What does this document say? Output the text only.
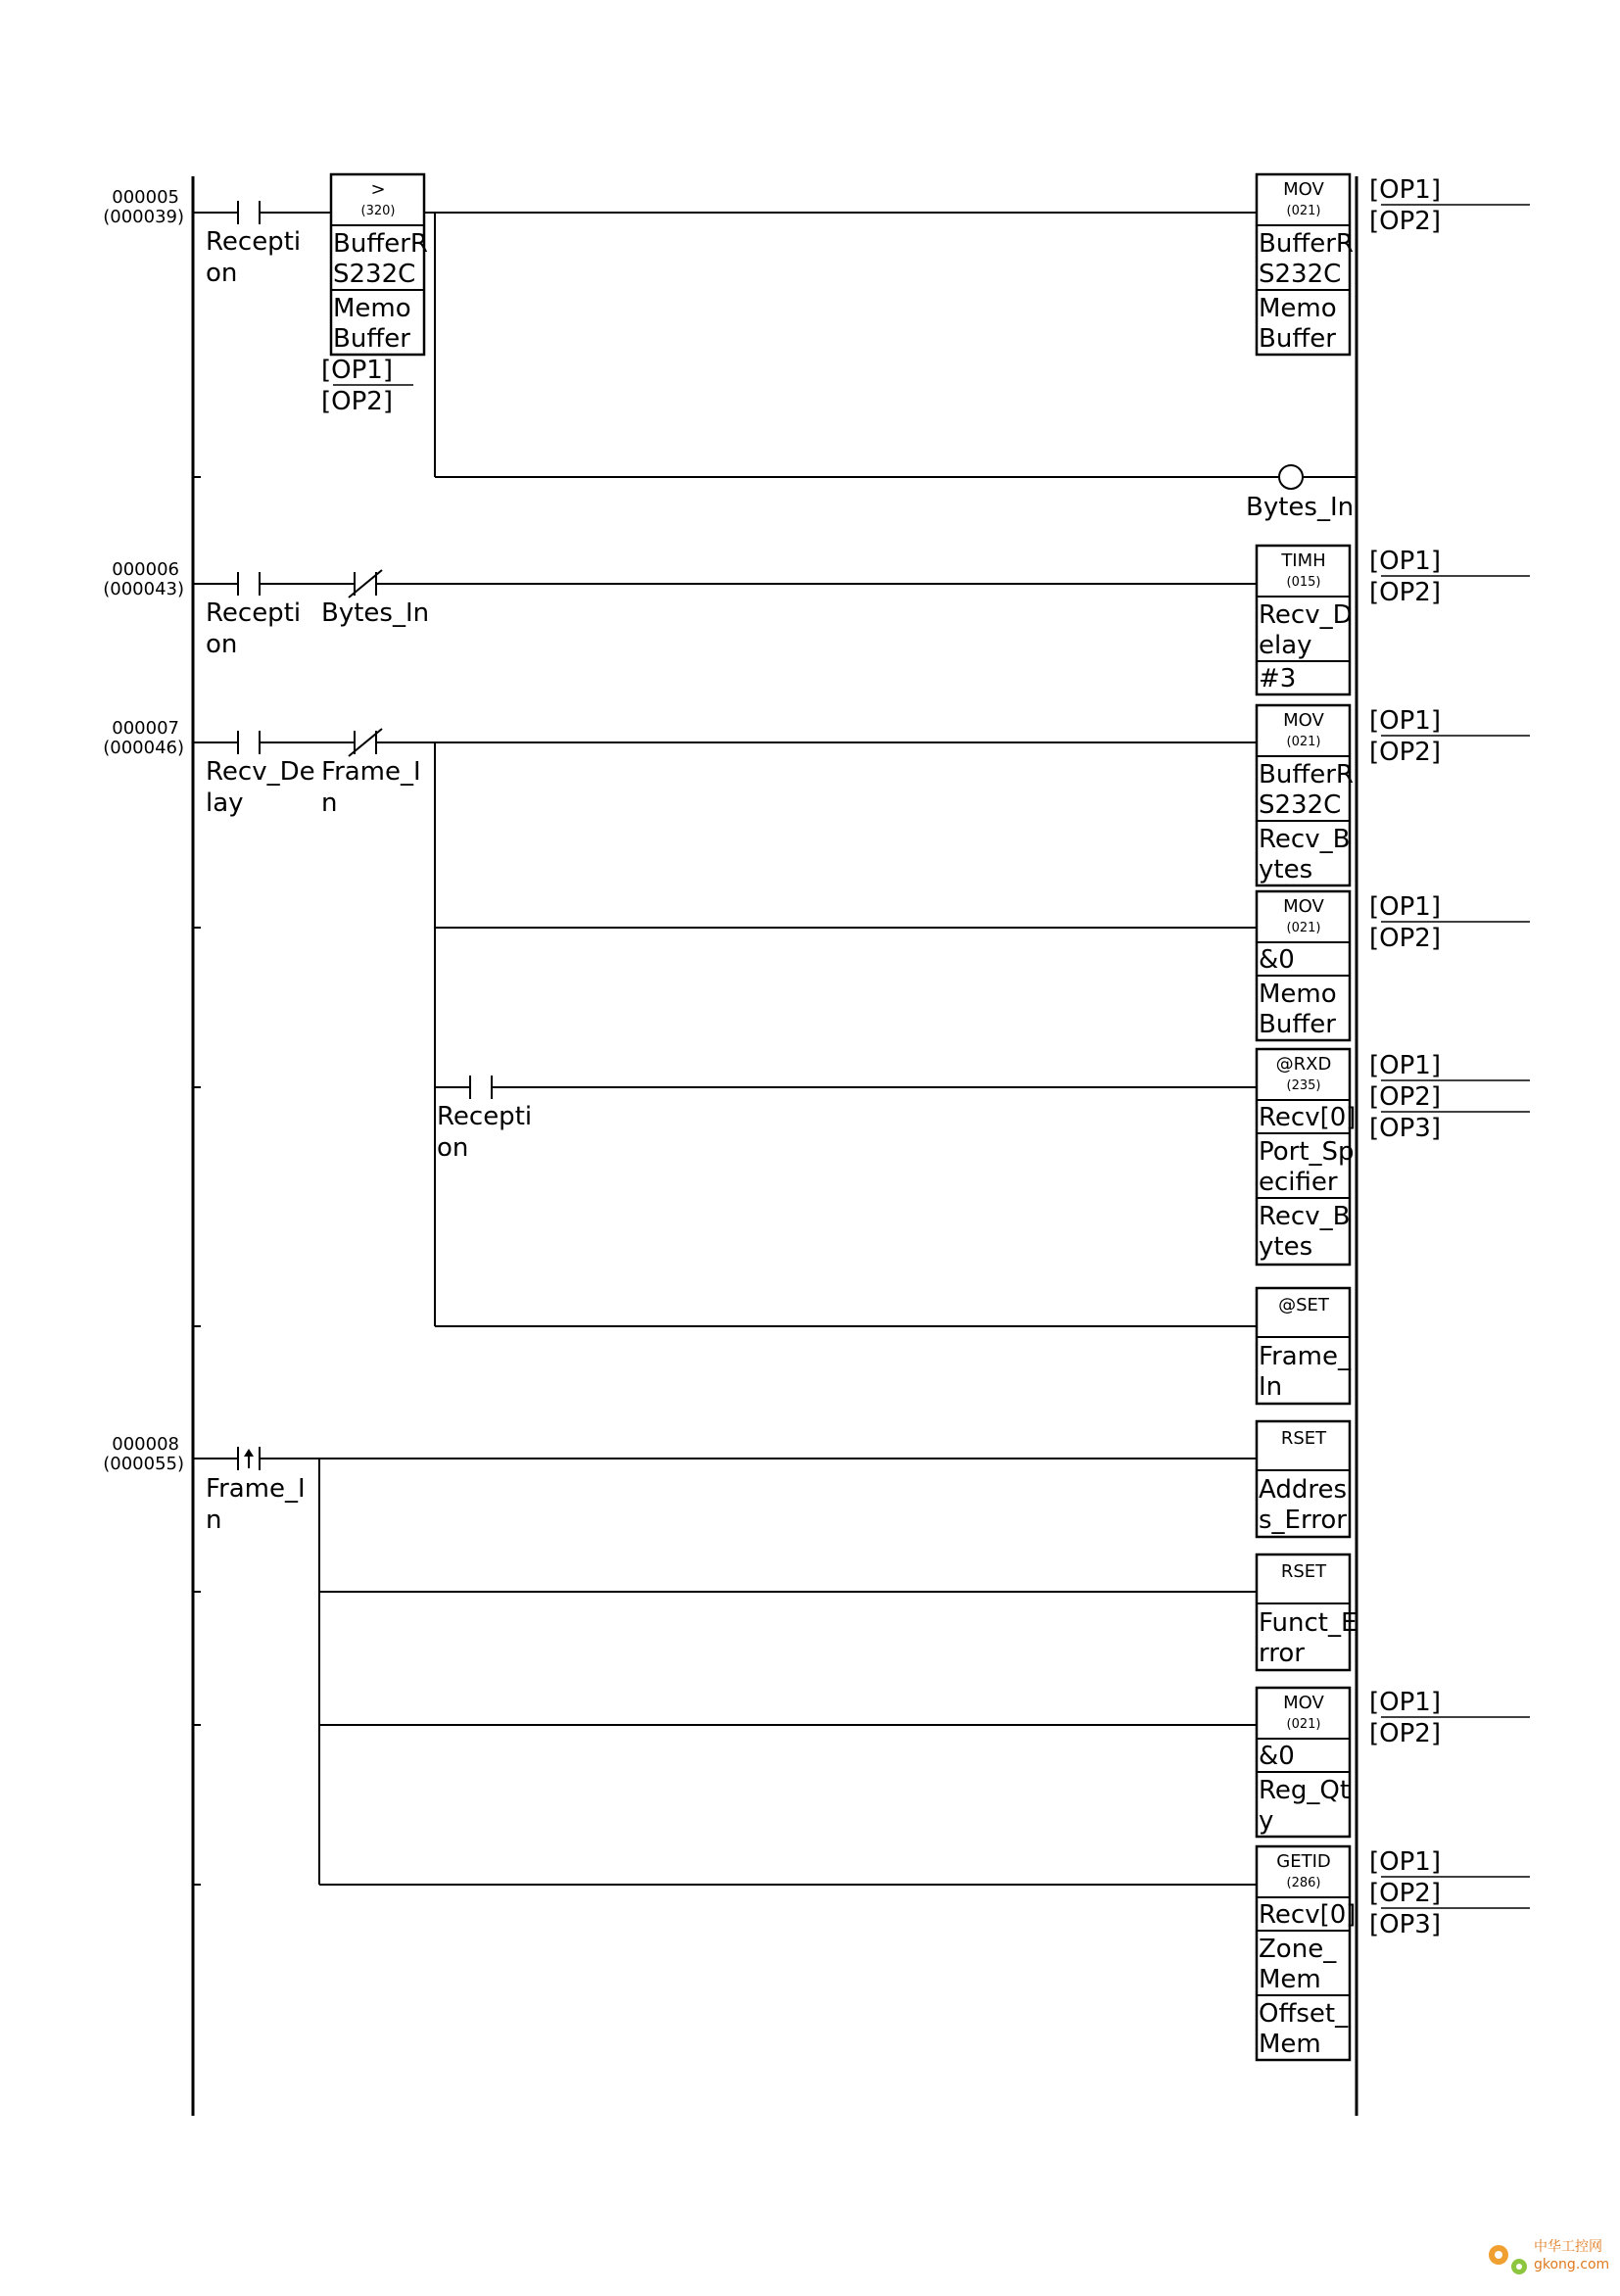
000005
(000039)
Recepti
on
>
(320)
BufferR
S232C
Memo
Buffer
[OP1]
[OP2]
Bytes_In
MOV
(021)
BufferR
S232C
Memo
Buffer
[OP1]
[OP2]
000006
(000043)
Recepti
on
Bytes_In
TIMH
(015)
Recv_D
elay
#3
[OP1]
[OP2]
000007
(000046)
Recv_De
lay
Frame_I
n
Recepti
on
MOV
(021)
BufferR
S232C
Recv_B
ytes
[OP1]
[OP2]
MOV
(021)
&0
Memo
Buffer
[OP1]
[OP2]
@RXD
(235)
Recv[0]
Port_Sp
ecifier
Recv_B
ytes
[OP1]
[OP2]
[OP3]
@SET
Frame_
In
000008
(000055)
Frame_I
n
RSET
Addres
s_Error
RSET
Funct_E
rror
MOV
(021)
&0
Reg_Qt
y
[OP1]
[OP2]
GETID
(286)
Recv[0]
Zone_
Mem
Offset_
Mem
[OP1]
[OP2]
[OP3]
中华工控网
gkong.com
